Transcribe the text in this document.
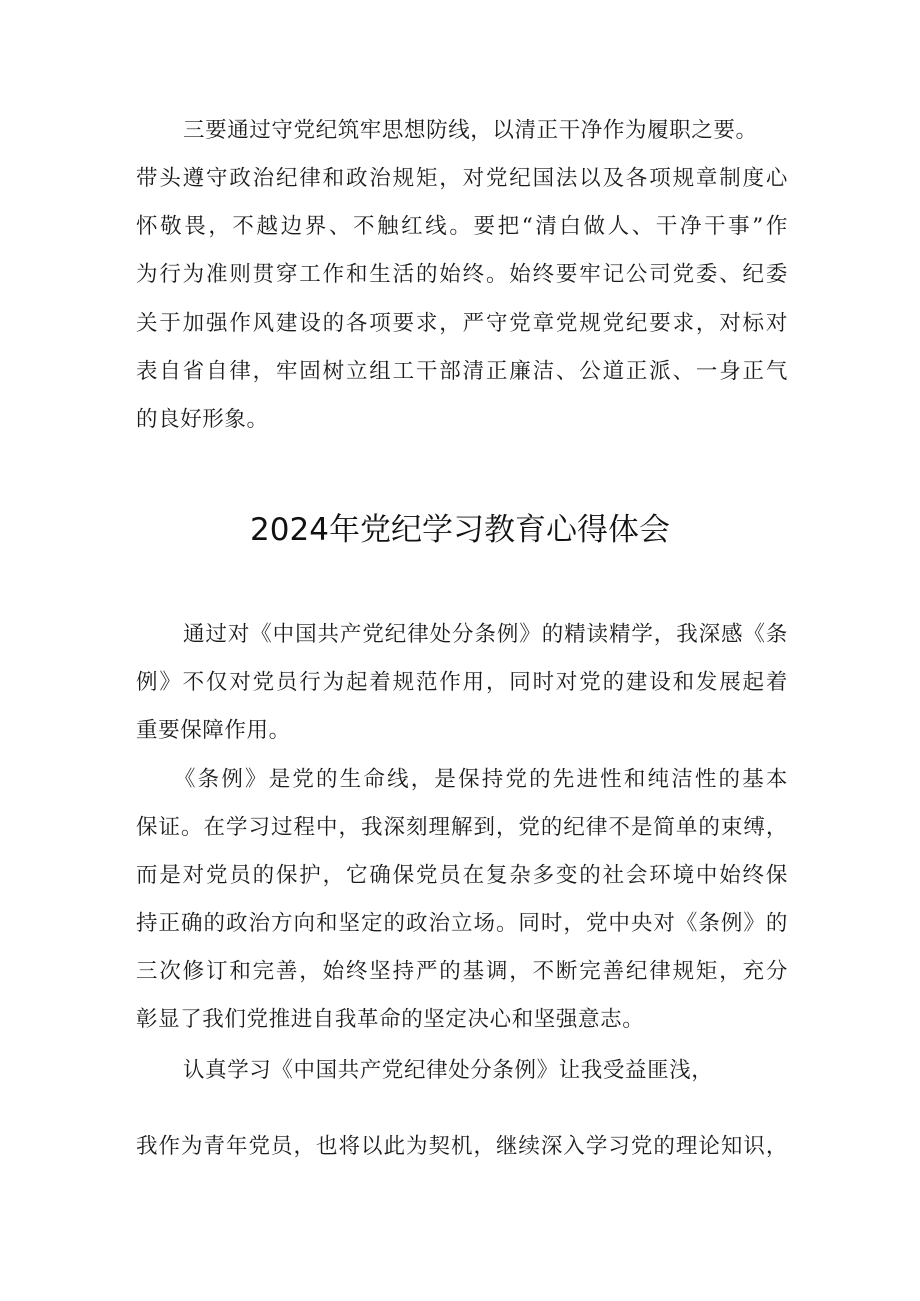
三要通过守党纪筑牢思想防线，以清正干净作为履职之要。
带头遵守政治纪律和政治规矩，对党纪国法以及各项规章制度心
怀敬畏，不越边界、不触红线。要把“清白做人、干净干事”作
为行为准则贯穿工作和生活的始终。始终要牢记公司党委、纪委
关于加强作风建设的各项要求，严守党章党规党纪要求，对标对
表自省自律，牢固树立组工干部清正廉洁、公道正派、一身正气
的良好形象。
2024年党纪学习教育心得体会
通过对《中国共产党纪律处分条例》的精读精学，我深感《条
例》不仅对党员行为起着规范作用，同时对党的建设和发展起着
重要保障作用。
《条例》是党的生命线，是保持党的先进性和纯洁性的基本
保证。在学习过程中，我深刻理解到，党的纪律不是简单的束缚，
而是对党员的保护，它确保党员在复杂多变的社会环境中始终保
持正确的政治方向和坚定的政治立场。同时，党中央对《条例》的
三次修订和完善，始终坚持严的基调，不断完善纪律规矩，充分
彰显了我们党推进自我革命的坚定决心和坚强意志。
认真学习《中国共产党纪律处分条例》让我受益匪浅，
我作为青年党员，也将以此为契机，继续深入学习党的理论知识，
